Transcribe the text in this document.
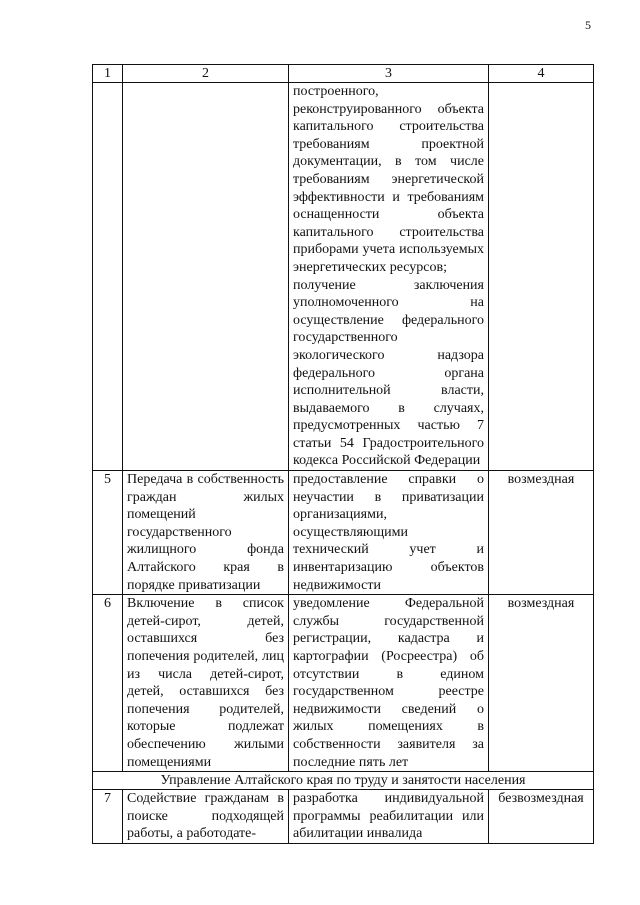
5
1	2	3	4

		построенного, реконструированного объекта капитального строительства требованиям проектной документации, в том числе требованиям энергетической эффективности и требованиям оснащенности объекта капитального строительства приборами учета используемых энергетических ресурсов;
получение заключения уполномоченного на осуществление федерального государственного экологического надзора федерального органа исполнительной власти, выдаваемого в случаях, предусмотренных частью 7 статьи 54 Градостроительного кодекса Российской Федерации	

5	Передача в собственность граждан жилых помещений государственного жилищного фонда Алтайского края в порядке приватизации	предоставление справки о неучастии в приватизации организациями, осуществляющими технический учет и инвентаризацию объектов недвижимости	возмездная
6	Включение в список детей-сирот, детей, оставшихся без попечения родителей, лиц из числа детей-сирот, детей, оставшихся без попечения родителей, которые подлежат обеспечению жилыми помещениями	уведомление Федеральной службы государственной регистрации, кадастра и картографии (Росреестра) об отсутствии в едином государственном реестре недвижимости сведений о жилых помещениях в собственности заявителя за последние пять лет	возмездная
Управление Алтайского края по труду и занятости населения			
7	Содействие гражданам в поиске подходящей работы, а работодате-	разработка индивидуальной программы реабилитации или абилитации инвалида	безвозмездная
